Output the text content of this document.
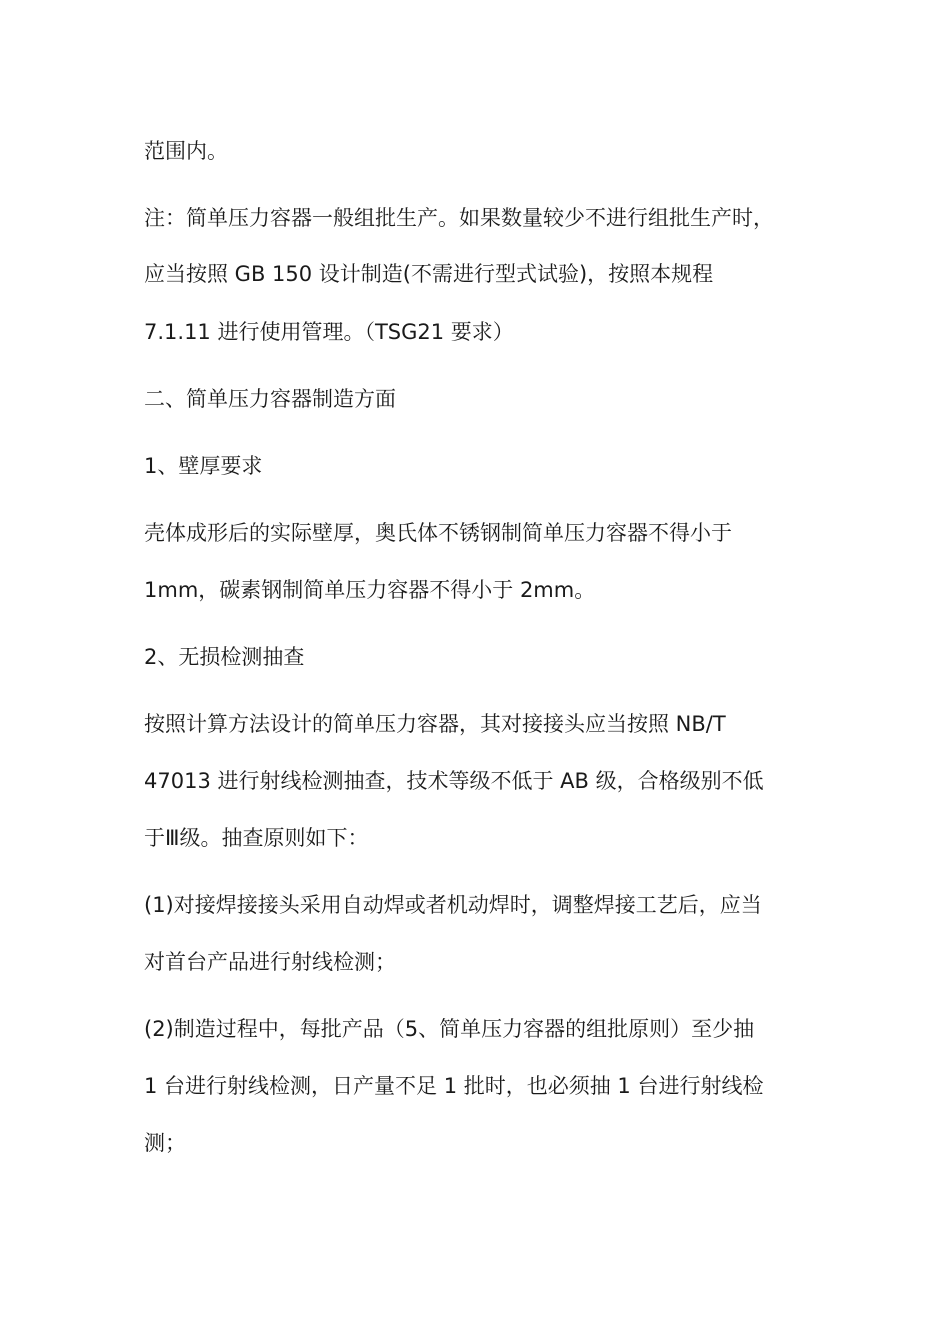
范围内。
注：简单压力容器一般组批生产。如果数量较少不进行组批生产时，
应当按照 GB 150 设计制造(不需进行型式试验)，按照本规程
7.1.11 进行使用管理。（TSG21 要求）
二、简单压力容器制造方面
1、壁厚要求
壳体成形后的实际壁厚，奥氏体不锈钢制简单压力容器不得小于
1mm，碳素钢制简单压力容器不得小于 2mm。
2、无损检测抽查
按照计算方法设计的简单压力容器，其对接接头应当按照 NB/T
47013 进行射线检测抽查，技术等级不低于 AB 级，合格级别不低
于Ⅲ级。抽查原则如下：
(1)对接焊接接头采用自动焊或者机动焊时，调整焊接工艺后，应当
对首台产品进行射线检测；
(2)制造过程中，每批产品（5、简单压力容器的组批原则）至少抽
1 台进行射线检测，日产量不足 1 批时，也必须抽 1 台进行射线检
测；
